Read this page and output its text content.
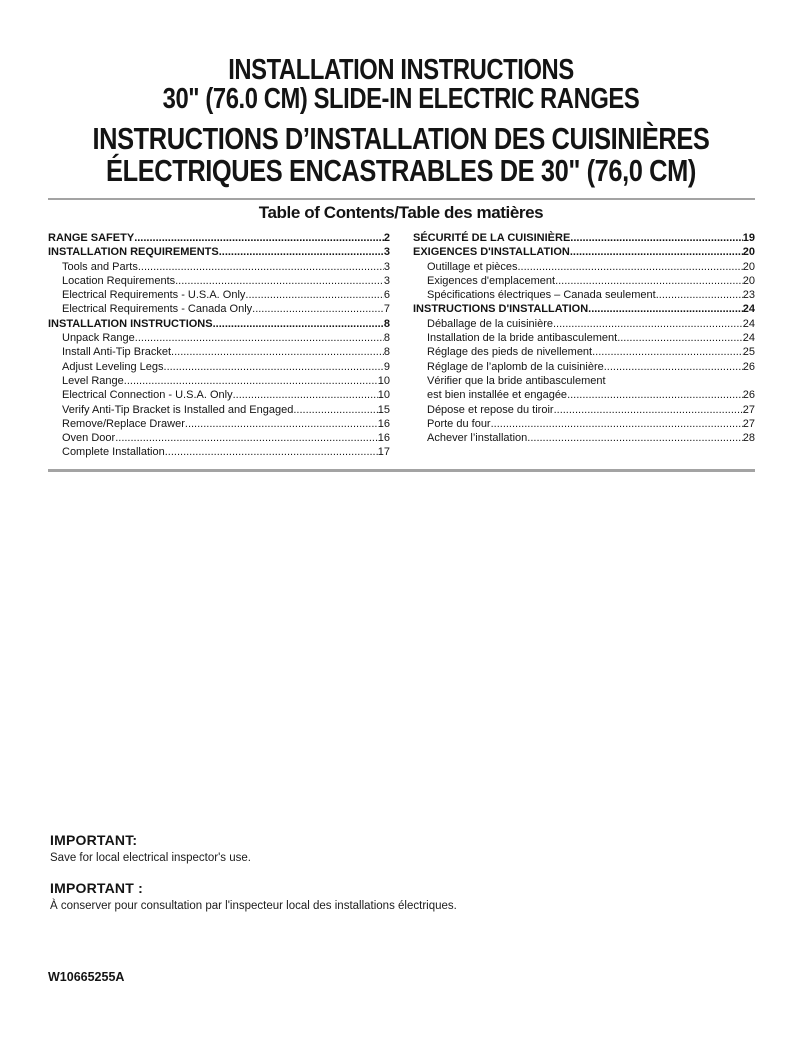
INSTALLATION INSTRUCTIONS
30" (76.0 CM) SLIDE-IN ELECTRIC RANGES
INSTRUCTIONS D’INSTALLATION DES CUISINIÈRES
ÉLECTRIQUES ENCASTRABLES DE 30" (76,0 CM)
Table of Contents/Table des matières
RANGE SAFETY .....	2
INSTALLATION REQUIREMENTS .....	3
Tools and Parts .....	3
Location Requirements .....	3
Electrical Requirements - U.S.A. Only .....	6
Electrical Requirements - Canada Only .....	7
INSTALLATION INSTRUCTIONS .....	8
Unpack Range .....	8
Install Anti-Tip Bracket .....	8
Adjust Leveling Legs .....	9
Level Range .....	10
Electrical Connection - U.S.A. Only .....	10
Verify Anti-Tip Bracket is Installed and Engaged .....	15
Remove/Replace Drawer .....	16
Oven Door .....	16
Complete Installation .....	17
SÉCURITÉ DE LA CUISINIÈRE .....	19
EXIGENCES D'INSTALLATION .....	20
Outillage et pièces .....	20
Exigences d'emplacement .....	20
Spécifications électriques – Canada seulement .....	23
INSTRUCTIONS D'INSTALLATION .....	24
Déballage de la cuisinière .....	24
Installation de la bride antibasculement .....	24
Réglage des pieds de nivellement .....	25
Réglage de l’aplomb de la cuisinière .....	26
Vérifier que la bride antibasculement
est bien installée et engagée .....	26
Dépose et repose du tiroir .....	27
Porte du four .....	27
Achever l’installation .....	28
IMPORTANT:
Save for local electrical inspector's use.
IMPORTANT :
À conserver pour consultation par l'inspecteur local des installations électriques.
W10665255A
